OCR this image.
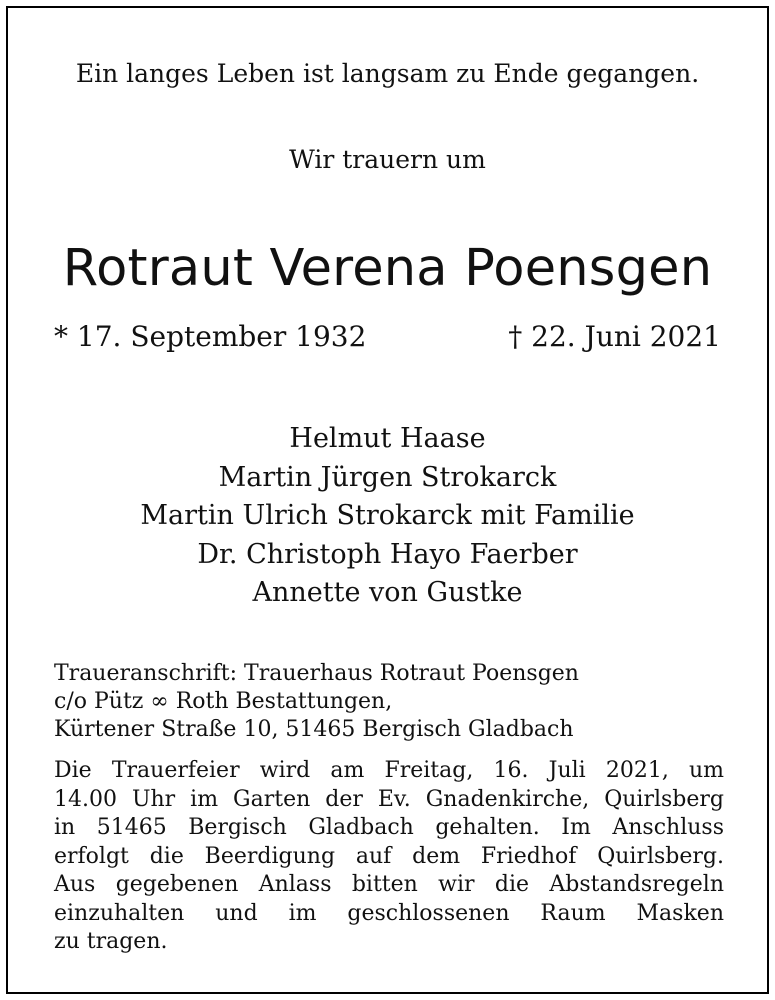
Ein langes Leben ist langsam zu Ende gegangen.
Wir trauern um
Rotraut Verena Poensgen
* 17. September 1932	† 22. Juni 2021
Helmut Haase
Martin Jürgen Strokarck
Martin Ulrich Strokarck mit Familie
Dr. Christoph Hayo Faerber
Annette von Gustke
Traueranschrift: Trauerhaus Rotraut Poensgen
c/o Pütz ∞ Roth Bestattungen,
Kürtener Straße 10, 51465 Bergisch Gladbach
Die Trauerfeier wird am Freitag, 16. Juli 2021, um
14.00 Uhr im Garten der Ev. Gnadenkirche, Quirlsberg
in 51465 Bergisch Gladbach gehalten. Im Anschluss
erfolgt die Beerdigung auf dem Friedhof Quirlsberg.
Aus gegebenen Anlass bitten wir die Abstandsregeln
einzuhalten und im geschlossenen Raum Masken
zu tragen.
